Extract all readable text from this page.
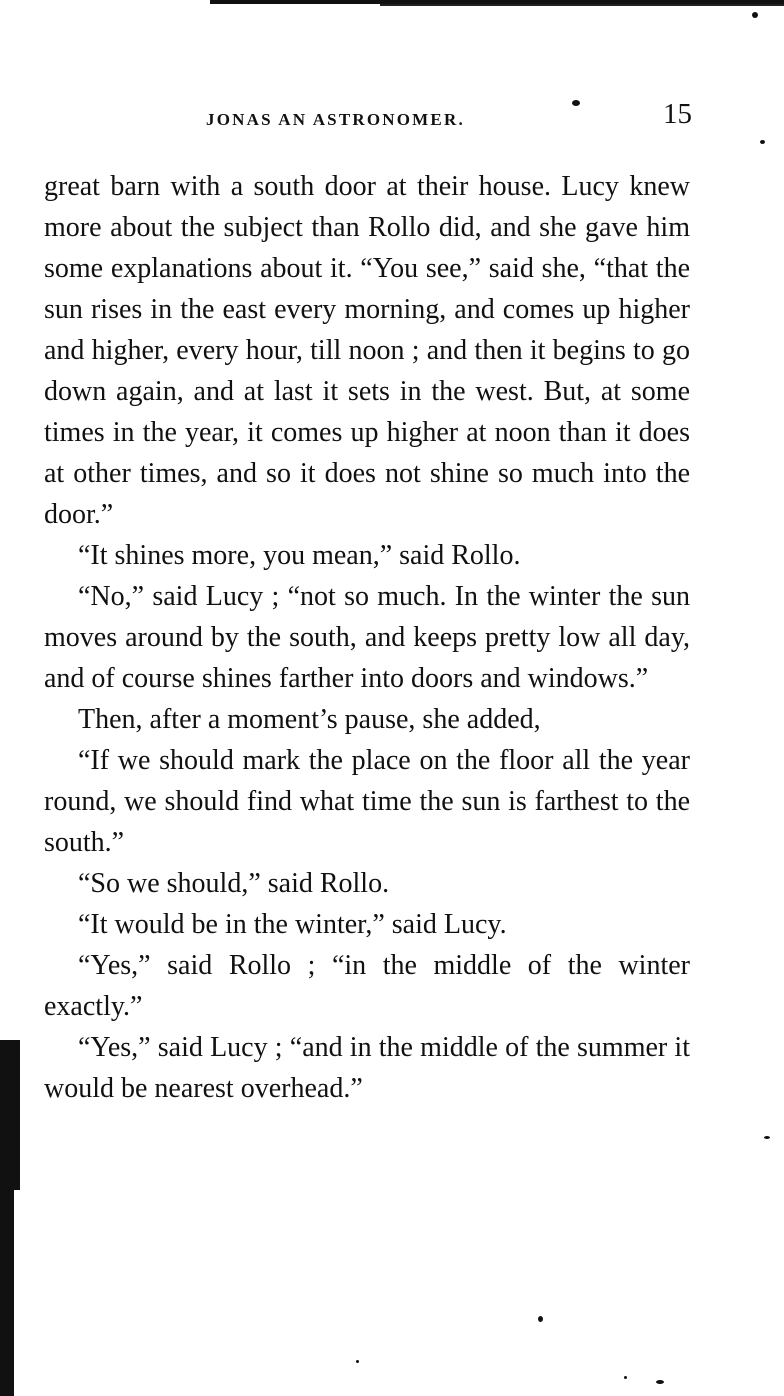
JONAS AN ASTRONOMER.	15

great barn with a south door at their house. Lucy knew more about the subject than Rollo did, and she gave him some explanations about it. “You see,” said she, “that the sun rises in the east every morning, and comes up higher and higher, every hour, till noon ; and then it begins to go down again, and at last it sets in the west. But, at some times in the year, it comes up higher at noon than it does at other times, and so it does not shine so much into the door.”

“It shines more, you mean,” said Rollo.

“No,” said Lucy ; “not so much. In the winter the sun moves around by the south, and keeps pretty low all day, and of course shines farther into doors and windows.”

Then, after a moment’s pause, she added,

“If we should mark the place on the floor all the year round, we should find what time the sun is farthest to the south.”

“So we should,” said Rollo.

“It would be in the winter,” said Lucy.

“Yes,” said Rollo ; “in the middle of the winter exactly.”

“Yes,” said Lucy ; “and in the middle of the summer it would be nearest overhead.”
